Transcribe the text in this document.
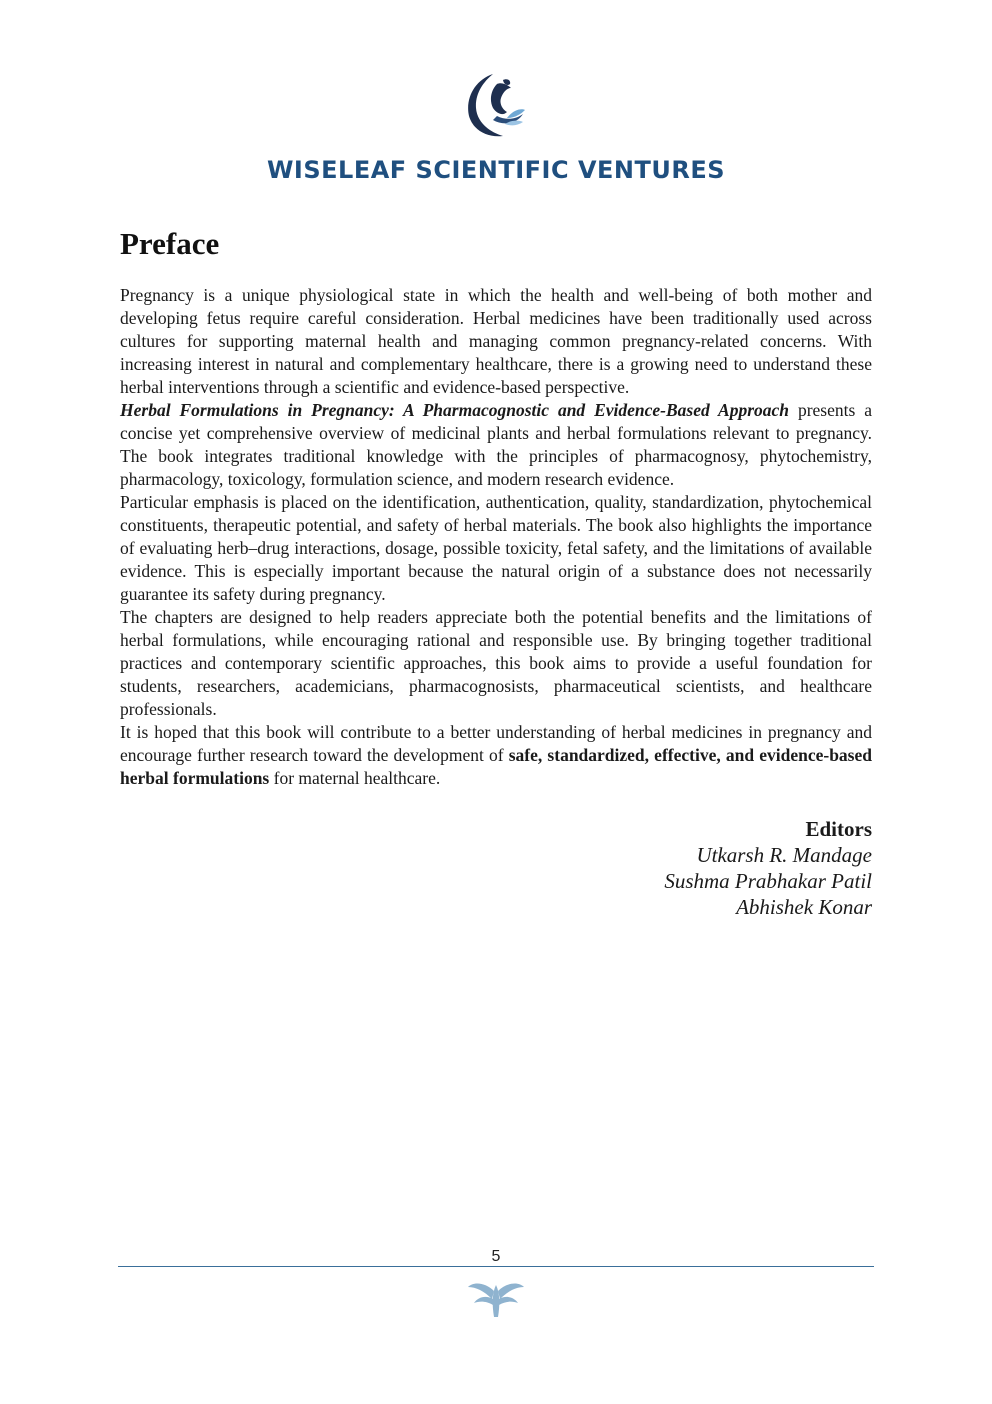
WISELEAF SCIENTIFIC VENTURES
Preface

Pregnancy is a unique physiological state in which the health and well-being of both mother and developing fetus require careful consideration. Herbal medicines have been traditionally used across cultures for supporting maternal health and managing common pregnancy-related concerns. With increasing interest in natural and complementary healthcare, there is a growing need to understand these herbal interventions through a scientific and evidence-based perspective.

Herbal Formulations in Pregnancy: A Pharmacognostic and Evidence-Based Approach presents a concise yet comprehensive overview of medicinal plants and herbal formulations relevant to pregnancy. The book integrates traditional knowledge with the principles of pharmacognosy, phytochemistry, pharmacology, toxicology, formulation science, and modern research evidence.

Particular emphasis is placed on the identification, authentication, quality, standardization, phytochemical constituents, therapeutic potential, and safety of herbal materials. The book also highlights the importance of evaluating herb–drug interactions, dosage, possible toxicity, fetal safety, and the limitations of available evidence. This is especially important because the natural origin of a substance does not necessarily guarantee its safety during pregnancy.

The chapters are designed to help readers appreciate both the potential benefits and the limitations of herbal formulations, while encouraging rational and responsible use. By bringing together traditional practices and contemporary scientific approaches, this book aims to provide a useful foundation for students, researchers, academicians, pharmacognosists, pharmaceutical scientists, and healthcare professionals.

It is hoped that this book will contribute to a better understanding of herbal medicines in pregnancy and encourage further research toward the development of safe, standardized, effective, and evidence-based herbal formulations for maternal healthcare.

Editors
Utkarsh R. Mandage
Sushma Prabhakar Patil
Abhishek Konar
5
